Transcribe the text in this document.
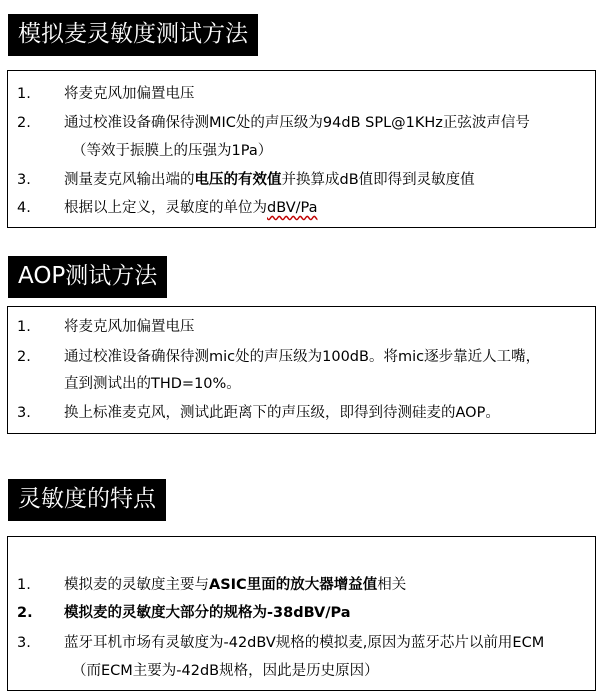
模拟麦灵敏度测试方法
1. 将麦克风加偏置电压
2. 通过校准设备确保待测MIC处的声压级为94dB SPL@1KHz正弦波声信号
（等效于振膜上的压强为1Pa）
3. 测量麦克风输出端的电压的有效值并换算成dB值即得到灵敏度值
4. 根据以上定义，灵敏度的单位为dBV/Pa
AOP测试方法
1. 将麦克风加偏置电压
2. 通过校准设备确保待测mic处的声压级为100dB。将mic逐步靠近人工嘴，
直到测试出的THD=10%。
3. 换上标准麦克风，测试此距离下的声压级，即得到待测硅麦的AOP。
灵敏度的特点
1. 模拟麦的灵敏度主要与ASIC里面的放大器增益值相关
2. 模拟麦的灵敏度大部分的规格为-38dBV/Pa
3. 蓝牙耳机市场有灵敏度为-42dBV规格的模拟麦,原因为蓝牙芯片以前用ECM
（而ECM主要为-42dB规格，因此是历史原因）
